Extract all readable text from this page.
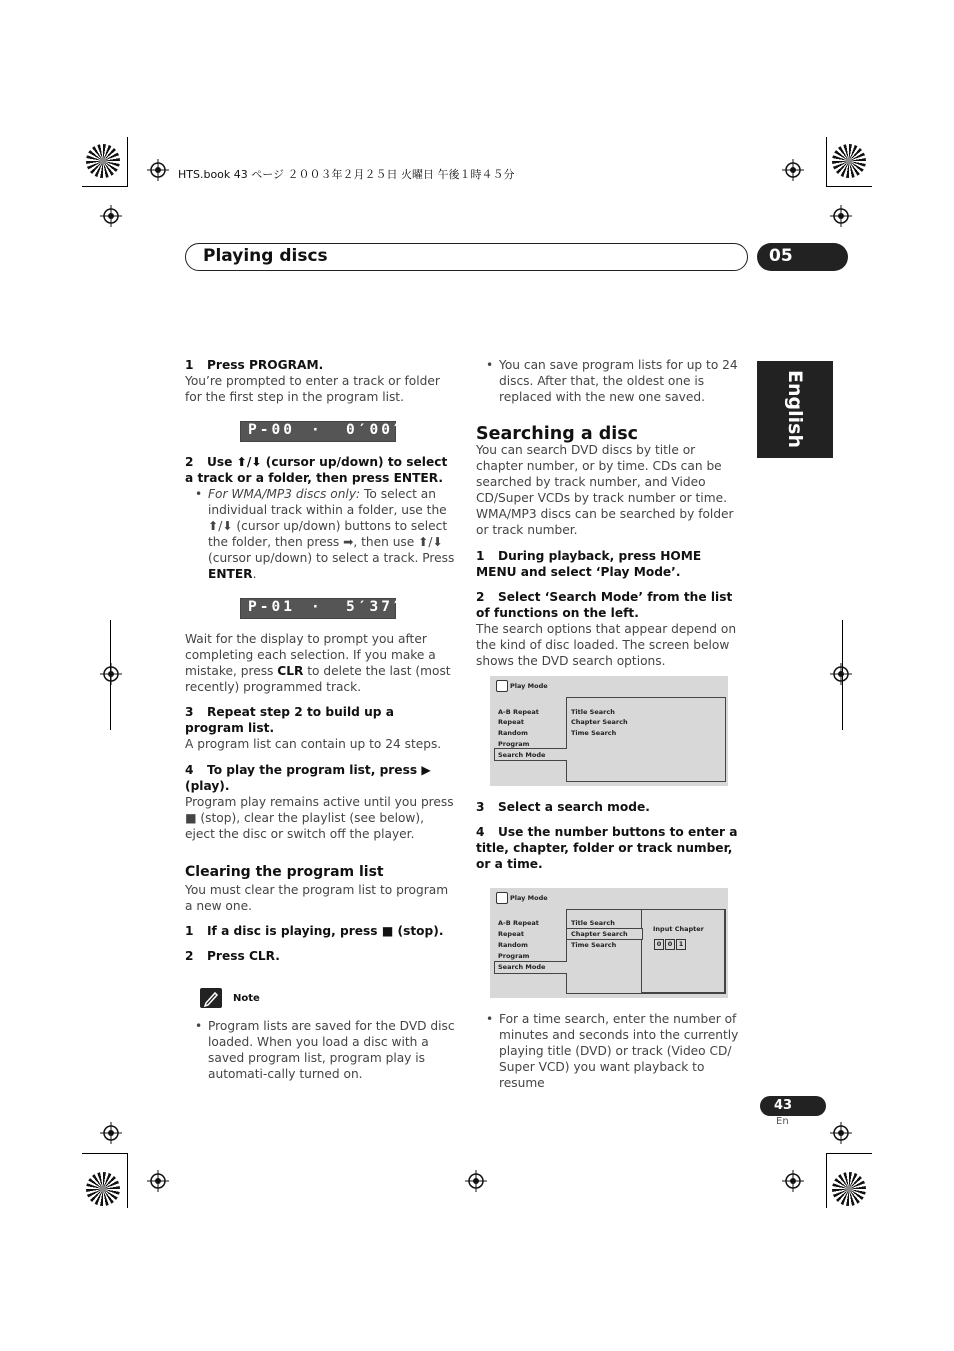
HTS.book 43 ページ ２００３年２月２５日 火曜日 午後１時４５分
Playing discs	05
English
1 Press PROGRAM.

You’re prompted to enter a track or folder for the first step in the program list.

P-00 · 0′00″
2 Use ⬆/⬇ (cursor up/down) to select a track or a folder, then press ENTER.
• For WMA/MP3 discs only: To select an individual track within a folder, use the ⬆/⬇ (cursor up/down) buttons to select the folder, then press ➡, then use ⬆/⬇ (cursor up/down) to select a track. Press ENTER.
P-01 · 5′37″

Wait for the display to prompt you after completing each selection. If you make a mistake, press CLR to delete the last (most recently) programmed track.

3 Repeat step 2 to build up a program list.

A program list can contain up to 24 steps.

4 To play the program list, press ▶ (play).

Program play remains active until you press ■ (stop), clear the playlist (see below), eject the disc or switch off the player.

Clearing the program list

You must clear the program list to program a new one.

1 If a disc is playing, press ■ (stop).
2 Press CLR.
Note
• Program lists are saved for the DVD disc loaded. When you load a disc with a saved program list, program play is automati-cally turned on.
• You can save program lists for up to 24 discs. After that, the oldest one is replaced with the new one saved.
Searching a disc

You can search DVD discs by title or chapter number, or by time. CDs can be searched by track number, and Video CD/Super VCDs by track number or time. WMA/MP3 discs can be searched by folder or track number.

1 During playback, press HOME MENU and select ‘Play Mode’.
2 Select ‘Search Mode’ from the list of functions on the left.

The search options that appear depend on the kind of disc loaded. The screen below shows the DVD search options.

Play Mode
A-B Repeat
Repeat
Random
Program
Search Mode
Title Search
Chapter Search
Time Search
3 Select a search mode.
4 Use the number buttons to enter a title, chapter, folder or track number, or a time.
Play Mode
A-B Repeat
Repeat
Random
Program
Search Mode
Title Search
Chapter Search
Time Search
Input Chapter
0 0 1
• For a time search, enter the number of minutes and seconds into the currently playing title (DVD) or track (Video CD/ Super VCD) you want playback to resume
43
En
